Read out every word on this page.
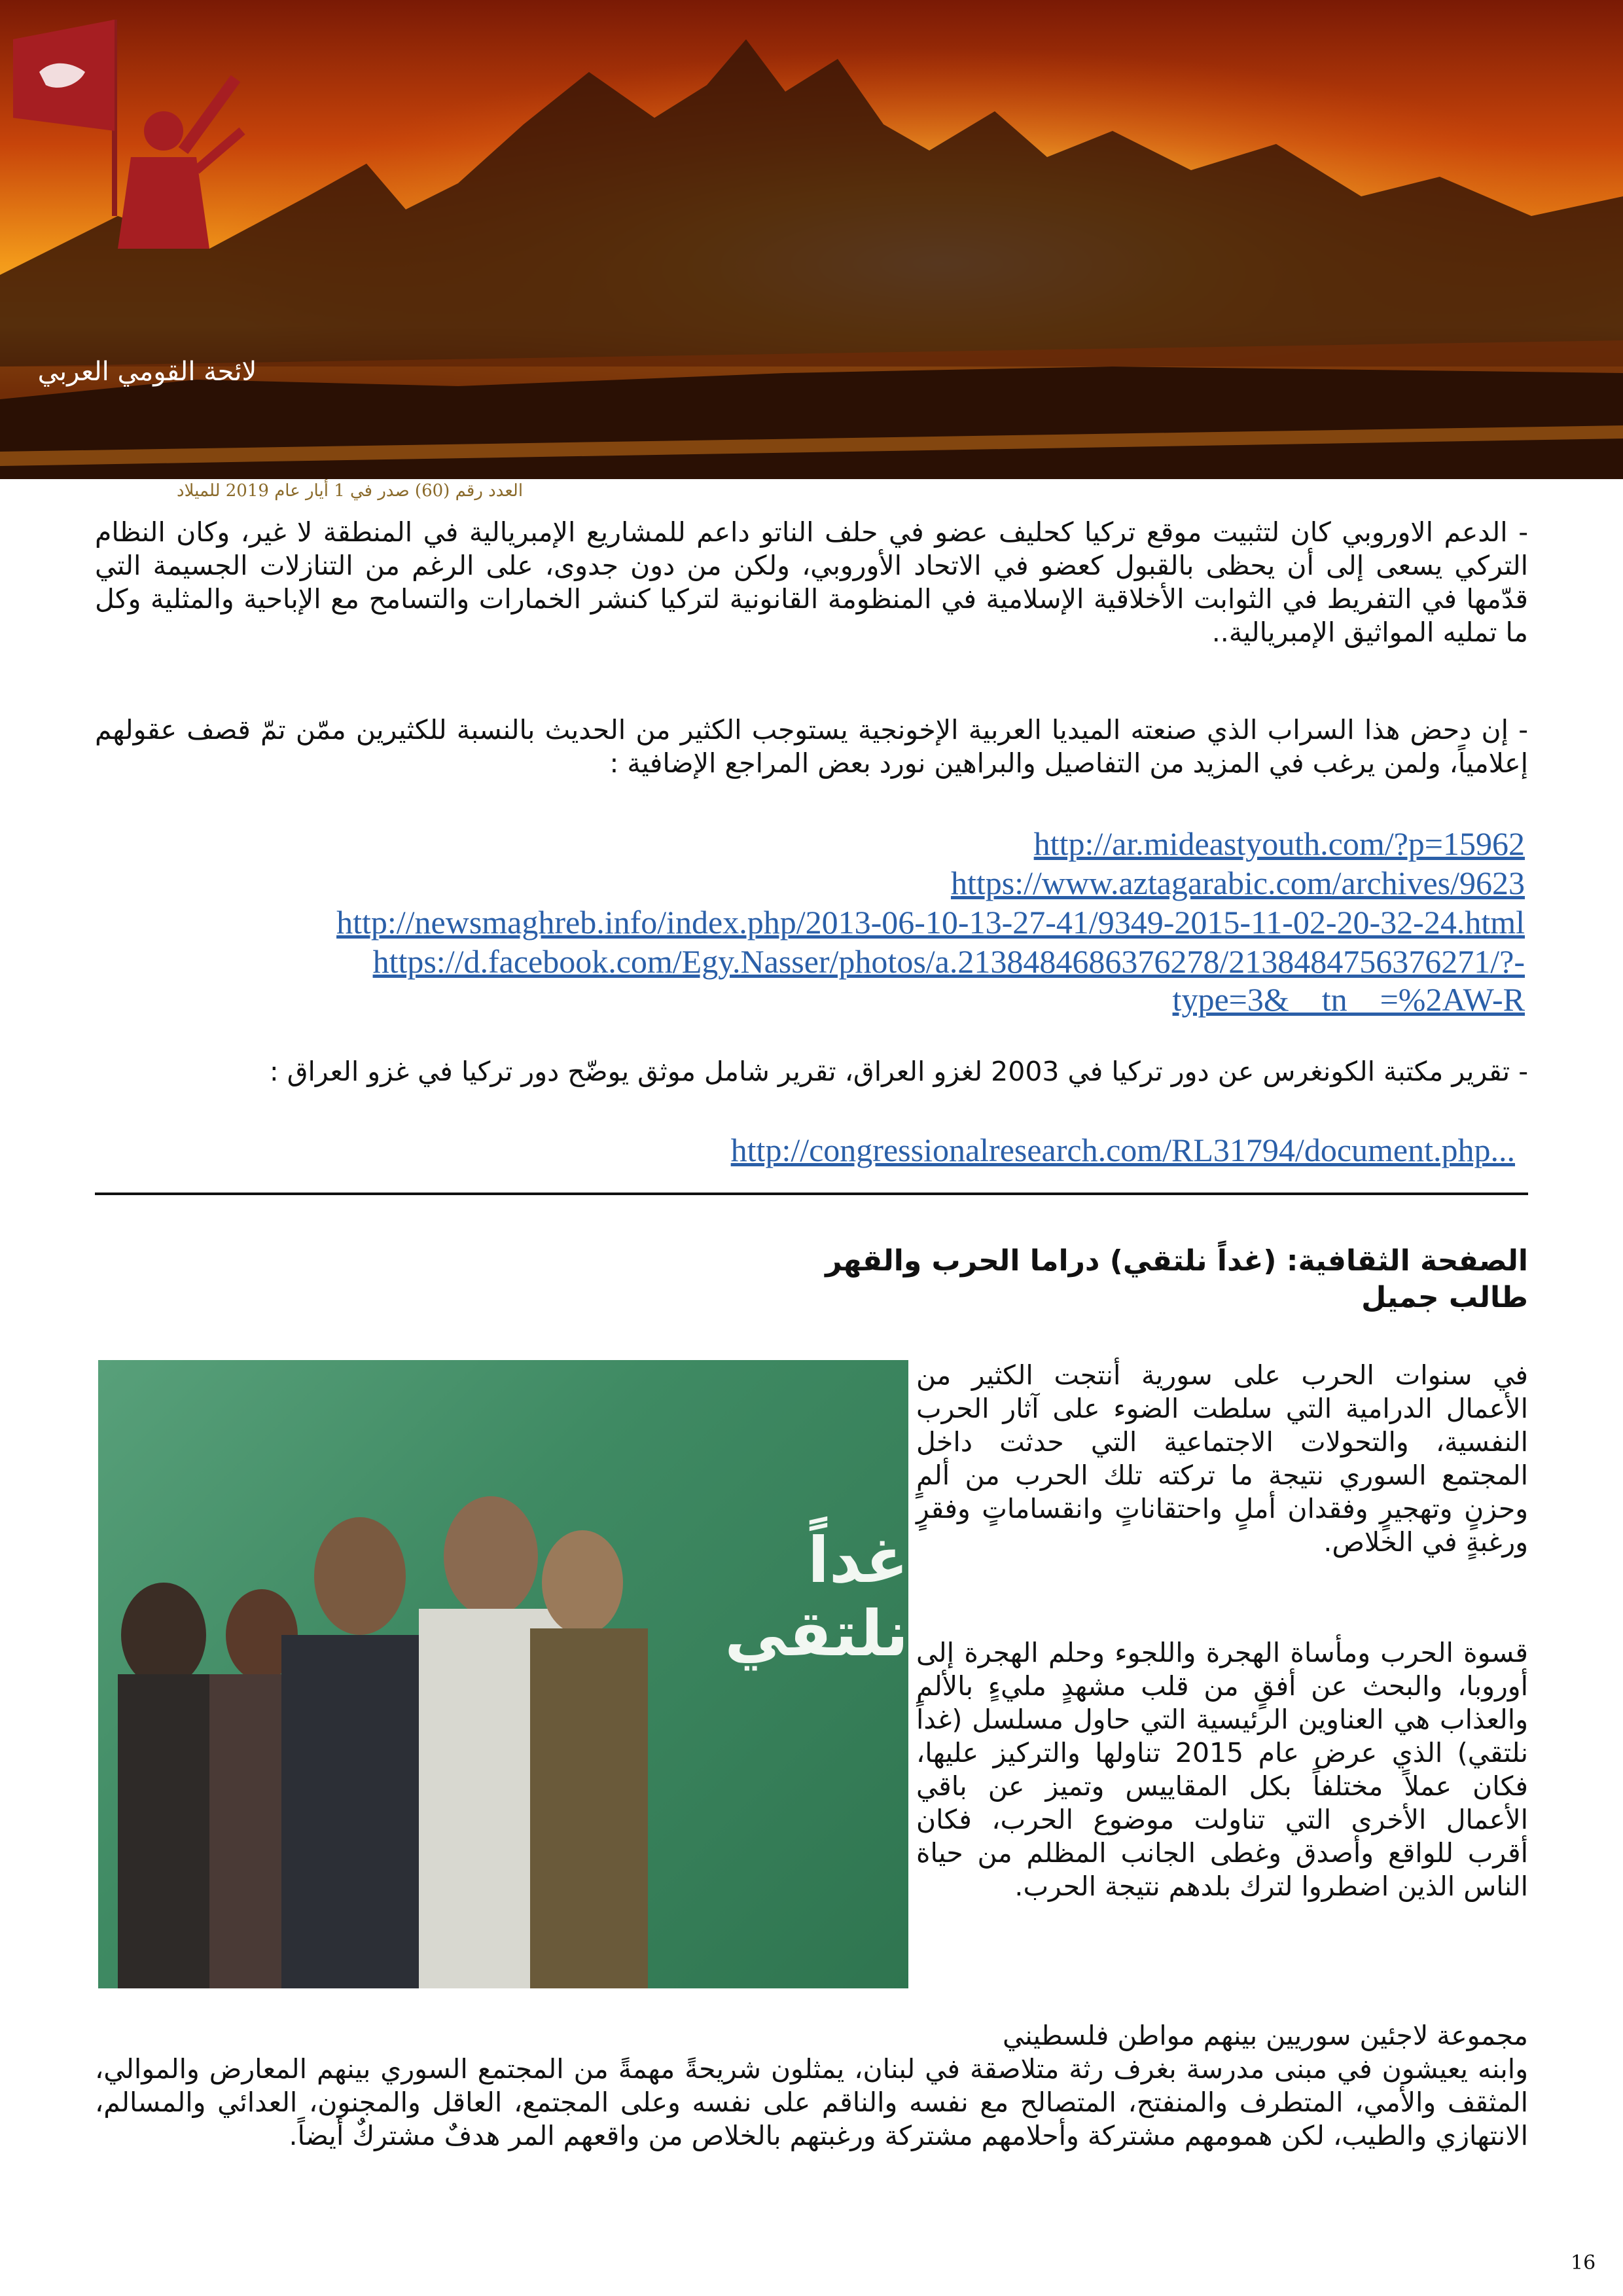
لائحة القومي العربي
العدد رقم (60) صدر في 1 أيار عام 2019 للميلاد
- الدعم الاوروبي كان لتثبيت موقع تركيا كحليف عضو في حلف الناتو داعم للمشاريع الإمبريالية في المنطقة لا غير، وكان النظام التركي يسعى إلى أن يحظى بالقبول كعضو في الاتحاد الأوروبي، ولكن من دون جدوى، على الرغم من التنازلات الجسيمة التي قدّمها في التفريط في الثوابت الأخلاقية الإسلامية في المنظومة القانونية لتركيا كنشر الخمارات والتسامح مع الإباحية والمثلية وكل ما تمليه المواثيق الإمبريالية..
- إن دحض هذا السراب الذي صنعته الميديا العربية الإخونجية يستوجب الكثير من الحديث بالنسبة للكثيرين ممّن تمّ قصف عقولهم إعلامياً، ولمن يرغب في المزيد من التفاصيل والبراهين نورد بعض المراجع الإضافية :
http://ar.mideastyouth.com/?p=15962
https://www.aztagarabic.com/archives/9623
http://newsmaghreb.info/index.php/2013-06-10-13-27-41/9349-2015-11-02-20-32-24.html
https://d.facebook.com/Egy.Nasser/photos/a.2138484686376278/2138484756376271/?-
type=3&__tn__=%2AW-R
- تقرير مكتبة الكونغرس عن دور تركيا في 2003 لغزو العراق، تقرير شامل موثق يوضّح دور تركيا في غزو العراق :
http://congressionalresearch.com/RL31794/document.php...
الصفحة الثقافية: (غداً نلتقي) دراما الحرب والقهر
طالب جميل
غداً نلتقي
في سنوات الحرب على سورية أنتجت الكثير من الأعمال الدرامية التي سلطت الضوء على آثار الحرب النفسية، والتحولات الاجتماعية التي حدثت داخل المجتمع السوري نتيجة ما تركته تلك الحرب من ألمٍ وحزنٍ وتهجيرٍ وفقدان أملٍ واحتقاناتٍ وانقساماتٍ وفقرٍ ورغبةٍ في الخلاص.
قسوة الحرب ومأساة الهجرة واللجوء وحلم الهجرة إلى أوروبا، والبحث عن أفقٍ من قلب مشهدٍ مليءٍ بالألم والعذاب هي العناوين الرئيسية التي حاول مسلسل (غداً نلتقي) الذي عرض عام 2015 تناولها والتركيز عليها، فكان عملاً مختلفاً بكل المقاييس وتميز عن باقي الأعمال الأخرى التي تناولت موضوع الحرب، فكان أقرب للواقع وأصدق وغطى الجانب المظلم من حياة الناس الذين اضطروا لترك بلدهم نتيجة الحرب.
مجموعة لاجئين سوريين بينهم مواطن فلسطيني
وابنه يعيشون في مبنى مدرسة بغرف رثة متلاصقة في لبنان، يمثلون شريحةً مهمةً من المجتمع السوري بينهم المعارض والموالي، المثقف والأمي، المتطرف والمنفتح، المتصالح مع نفسه والناقم على نفسه وعلى المجتمع، العاقل والمجنون، العدائي والمسالم، الانتهازي والطيب، لكن همومهم مشتركة وأحلامهم مشتركة ورغبتهم بالخلاص من واقعهم المر هدفٌ مشتركٌ أيضاً.
16
